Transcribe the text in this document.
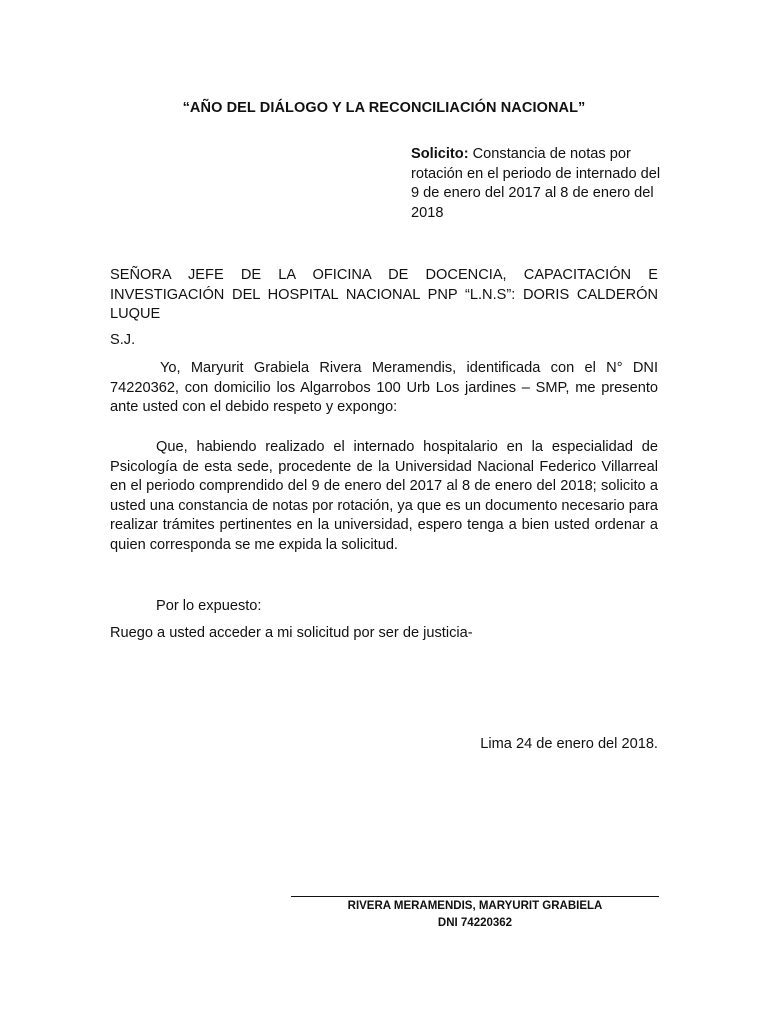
“AÑO DEL DIÁLOGO Y LA RECONCILIACIÓN NACIONAL”
Solicito: Constancia de notas por rotación en el periodo de internado del 9 de enero del 2017 al 8 de enero del 2018
SEÑORA JEFE DE LA OFICINA DE DOCENCIA, CAPACITACIÓN E INVESTIGACIÓN DEL HOSPITAL NACIONAL PNP “L.N.S”: DORIS CALDERÓN LUQUE
S.J.
Yo, Maryurit Grabiela Rivera Meramendis, identificada con el N° DNI 74220362, con domicilio los Algarrobos 100 Urb Los jardines – SMP, me presento ante usted con el debido respeto y expongo:
Que, habiendo realizado el internado hospitalario en la especialidad de Psicología de esta sede, procedente de la Universidad Nacional Federico Villarreal en el periodo comprendido del 9 de enero del 2017 al 8 de enero del 2018; solicito a usted una constancia de notas por rotación, ya que es un documento necesario para realizar trámites pertinentes en la universidad, espero tenga a bien usted ordenar a quien corresponda se me expida la solicitud.
Por lo expuesto:
Ruego a usted acceder a mi solicitud por ser de justicia-
Lima 24 de enero del 2018.
RIVERA MERAMENDIS, MARYURIT GRABIELA
DNI 74220362
